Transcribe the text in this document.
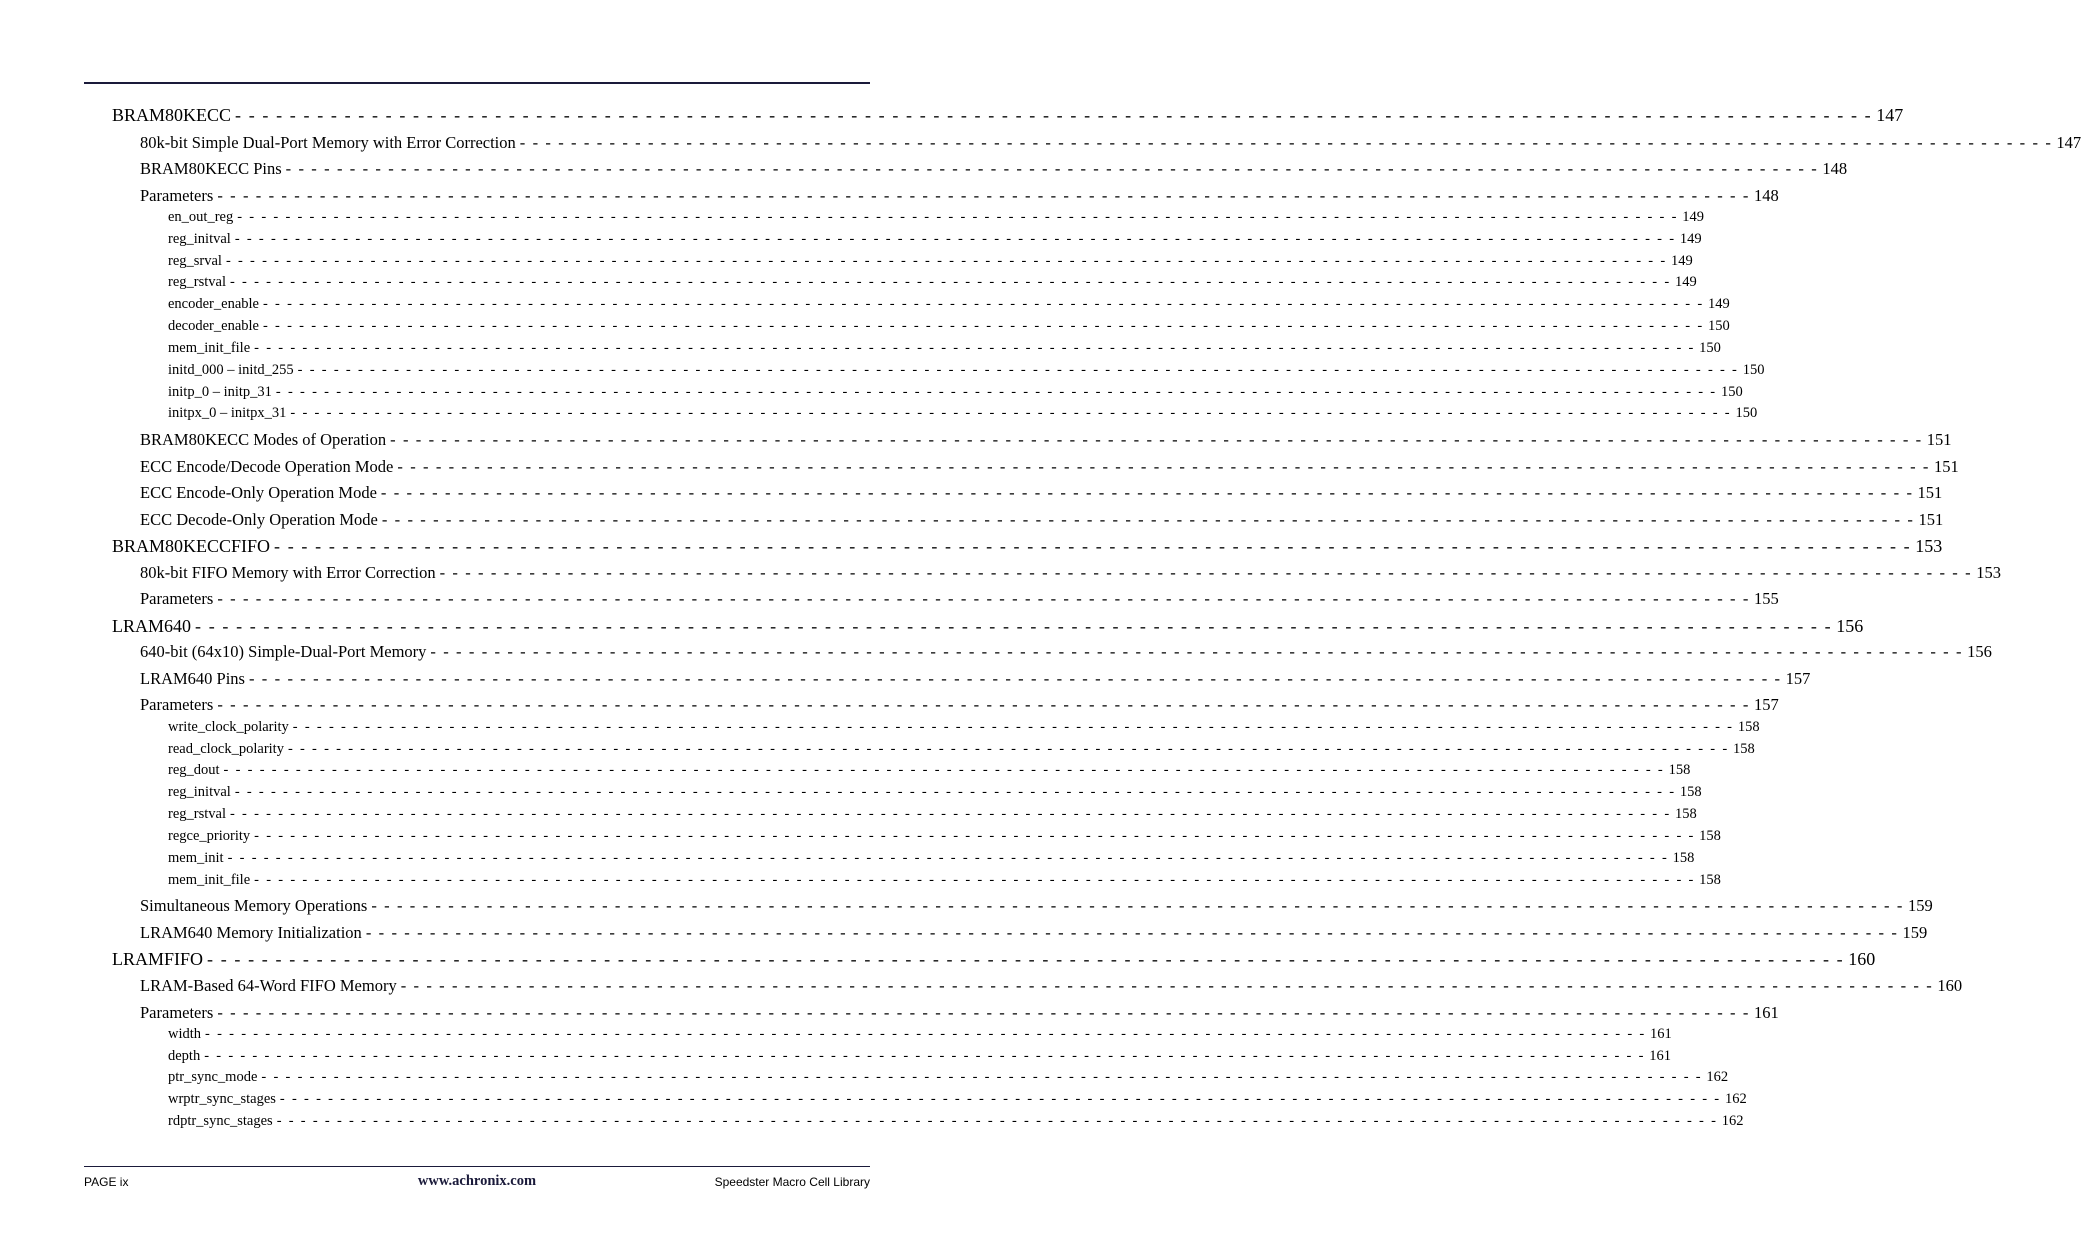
BRAM80KECC - - - - - - - - - - - - - - - - - - - - - - - - - - - - - - - - - - - - - - - - - - - - - - - - - - - - - - - - - - - - - - - - - - - - - - - - - - - - - - - - - - - - - - - - - - - - - - - - - - - - - - - - - - - - - - - - - - - - - - - - 147
80k-bit Simple Dual-Port Memory with Error Correction - - - - - - - - - - - - - - - - - - - - - - - - - - - - - - - - - - - - - - - - - - - - - - - - - - - - - - - - - - - - - - - - - - - - - - - - - - - - - - - - - - - - - - - - - - - - - - - - - - - - - - - - - - - - - - - - - - - - - - - - 147
BRAM80KECC Pins - - - - - - - - - - - - - - - - - - - - - - - - - - - - - - - - - - - - - - - - - - - - - - - - - - - - - - - - - - - - - - - - - - - - - - - - - - - - - - - - - - - - - - - - - - - - - - - - - - - - - - - - - - - - - - - - - - - - - - - - 148
Parameters - - - - - - - - - - - - - - - - - - - - - - - - - - - - - - - - - - - - - - - - - - - - - - - - - - - - - - - - - - - - - - - - - - - - - - - - - - - - - - - - - - - - - - - - - - - - - - - - - - - - - - - - - - - - - - - - - - - - - - - - 148
en_out_reg - - - - - - - - - - - - - - - - - - - - - - - - - - - - - - - - - - - - - - - - - - - - - - - - - - - - - - - - - - - - - - - - - - - - - - - - - - - - - - - - - - - - - - - - - - - - - - - - - - - - - - - - - - - - - - - - - - - - - - - - 149
reg_initval - - - - - - - - - - - - - - - - - - - - - - - - - - - - - - - - - - - - - - - - - - - - - - - - - - - - - - - - - - - - - - - - - - - - - - - - - - - - - - - - - - - - - - - - - - - - - - - - - - - - - - - - - - - - - - - - - - - - - - - - 149
reg_srval - - - - - - - - - - - - - - - - - - - - - - - - - - - - - - - - - - - - - - - - - - - - - - - - - - - - - - - - - - - - - - - - - - - - - - - - - - - - - - - - - - - - - - - - - - - - - - - - - - - - - - - - - - - - - - - - - - - - - - - - 149
reg_rstval - - - - - - - - - - - - - - - - - - - - - - - - - - - - - - - - - - - - - - - - - - - - - - - - - - - - - - - - - - - - - - - - - - - - - - - - - - - - - - - - - - - - - - - - - - - - - - - - - - - - - - - - - - - - - - - - - - - - - - - - 149
encoder_enable - - - - - - - - - - - - - - - - - - - - - - - - - - - - - - - - - - - - - - - - - - - - - - - - - - - - - - - - - - - - - - - - - - - - - - - - - - - - - - - - - - - - - - - - - - - - - - - - - - - - - - - - - - - - - - - - - - - - - - - - 149
decoder_enable - - - - - - - - - - - - - - - - - - - - - - - - - - - - - - - - - - - - - - - - - - - - - - - - - - - - - - - - - - - - - - - - - - - - - - - - - - - - - - - - - - - - - - - - - - - - - - - - - - - - - - - - - - - - - - - - - - - - - - - - 150
mem_init_file - - - - - - - - - - - - - - - - - - - - - - - - - - - - - - - - - - - - - - - - - - - - - - - - - - - - - - - - - - - - - - - - - - - - - - - - - - - - - - - - - - - - - - - - - - - - - - - - - - - - - - - - - - - - - - - - - - - - - - - - 150
initd_000 – initd_255 - - - - - - - - - - - - - - - - - - - - - - - - - - - - - - - - - - - - - - - - - - - - - - - - - - - - - - - - - - - - - - - - - - - - - - - - - - - - - - - - - - - - - - - - - - - - - - - - - - - - - - - - - - - - - - - - - - - - - - - - 150
initp_0 – initp_31 - - - - - - - - - - - - - - - - - - - - - - - - - - - - - - - - - - - - - - - - - - - - - - - - - - - - - - - - - - - - - - - - - - - - - - - - - - - - - - - - - - - - - - - - - - - - - - - - - - - - - - - - - - - - - - - - - - - - - - - - 150
initpx_0 – initpx_31 - - - - - - - - - - - - - - - - - - - - - - - - - - - - - - - - - - - - - - - - - - - - - - - - - - - - - - - - - - - - - - - - - - - - - - - - - - - - - - - - - - - - - - - - - - - - - - - - - - - - - - - - - - - - - - - - - - - - - - - - 150
BRAM80KECC Modes of Operation - - - - - - - - - - - - - - - - - - - - - - - - - - - - - - - - - - - - - - - - - - - - - - - - - - - - - - - - - - - - - - - - - - - - - - - - - - - - - - - - - - - - - - - - - - - - - - - - - - - - - - - - - - - - - - - - - - - - - - - - 151
ECC Encode/Decode Operation Mode - - - - - - - - - - - - - - - - - - - - - - - - - - - - - - - - - - - - - - - - - - - - - - - - - - - - - - - - - - - - - - - - - - - - - - - - - - - - - - - - - - - - - - - - - - - - - - - - - - - - - - - - - - - - - - - - - - - - - - - - 151
ECC Encode-Only Operation Mode - - - - - - - - - - - - - - - - - - - - - - - - - - - - - - - - - - - - - - - - - - - - - - - - - - - - - - - - - - - - - - - - - - - - - - - - - - - - - - - - - - - - - - - - - - - - - - - - - - - - - - - - - - - - - - - - - - - - - - - - 151
ECC Decode-Only Operation Mode - - - - - - - - - - - - - - - - - - - - - - - - - - - - - - - - - - - - - - - - - - - - - - - - - - - - - - - - - - - - - - - - - - - - - - - - - - - - - - - - - - - - - - - - - - - - - - - - - - - - - - - - - - - - - - - - - - - - - - - - 151
BRAM80KECCFIFO - - - - - - - - - - - - - - - - - - - - - - - - - - - - - - - - - - - - - - - - - - - - - - - - - - - - - - - - - - - - - - - - - - - - - - - - - - - - - - - - - - - - - - - - - - - - - - - - - - - - - - - - - - - - - - - - - - - - - - - - 153
80k-bit FIFO Memory with Error Correction - - - - - - - - - - - - - - - - - - - - - - - - - - - - - - - - - - - - - - - - - - - - - - - - - - - - - - - - - - - - - - - - - - - - - - - - - - - - - - - - - - - - - - - - - - - - - - - - - - - - - - - - - - - - - - - - - - - - - - - - 153
Parameters - - - - - - - - - - - - - - - - - - - - - - - - - - - - - - - - - - - - - - - - - - - - - - - - - - - - - - - - - - - - - - - - - - - - - - - - - - - - - - - - - - - - - - - - - - - - - - - - - - - - - - - - - - - - - - - - - - - - - - - - 155
LRAM640 - - - - - - - - - - - - - - - - - - - - - - - - - - - - - - - - - - - - - - - - - - - - - - - - - - - - - - - - - - - - - - - - - - - - - - - - - - - - - - - - - - - - - - - - - - - - - - - - - - - - - - - - - - - - - - - - - - - - - - - - 156
640-bit (64x10) Simple-Dual-Port Memory - - - - - - - - - - - - - - - - - - - - - - - - - - - - - - - - - - - - - - - - - - - - - - - - - - - - - - - - - - - - - - - - - - - - - - - - - - - - - - - - - - - - - - - - - - - - - - - - - - - - - - - - - - - - - - - - - - - - - - - - 156
LRAM640 Pins - - - - - - - - - - - - - - - - - - - - - - - - - - - - - - - - - - - - - - - - - - - - - - - - - - - - - - - - - - - - - - - - - - - - - - - - - - - - - - - - - - - - - - - - - - - - - - - - - - - - - - - - - - - - - - - - - - - - - - - - 157
Parameters - - - - - - - - - - - - - - - - - - - - - - - - - - - - - - - - - - - - - - - - - - - - - - - - - - - - - - - - - - - - - - - - - - - - - - - - - - - - - - - - - - - - - - - - - - - - - - - - - - - - - - - - - - - - - - - - - - - - - - - - 157
write_clock_polarity - - - - - - - - - - - - - - - - - - - - - - - - - - - - - - - - - - - - - - - - - - - - - - - - - - - - - - - - - - - - - - - - - - - - - - - - - - - - - - - - - - - - - - - - - - - - - - - - - - - - - - - - - - - - - - - - - - - - - - - - 158
read_clock_polarity - - - - - - - - - - - - - - - - - - - - - - - - - - - - - - - - - - - - - - - - - - - - - - - - - - - - - - - - - - - - - - - - - - - - - - - - - - - - - - - - - - - - - - - - - - - - - - - - - - - - - - - - - - - - - - - - - - - - - - - - 158
reg_dout - - - - - - - - - - - - - - - - - - - - - - - - - - - - - - - - - - - - - - - - - - - - - - - - - - - - - - - - - - - - - - - - - - - - - - - - - - - - - - - - - - - - - - - - - - - - - - - - - - - - - - - - - - - - - - - - - - - - - - - - 158
reg_initval - - - - - - - - - - - - - - - - - - - - - - - - - - - - - - - - - - - - - - - - - - - - - - - - - - - - - - - - - - - - - - - - - - - - - - - - - - - - - - - - - - - - - - - - - - - - - - - - - - - - - - - - - - - - - - - - - - - - - - - - 158
reg_rstval - - - - - - - - - - - - - - - - - - - - - - - - - - - - - - - - - - - - - - - - - - - - - - - - - - - - - - - - - - - - - - - - - - - - - - - - - - - - - - - - - - - - - - - - - - - - - - - - - - - - - - - - - - - - - - - - - - - - - - - - 158
regce_priority - - - - - - - - - - - - - - - - - - - - - - - - - - - - - - - - - - - - - - - - - - - - - - - - - - - - - - - - - - - - - - - - - - - - - - - - - - - - - - - - - - - - - - - - - - - - - - - - - - - - - - - - - - - - - - - - - - - - - - - - 158
mem_init - - - - - - - - - - - - - - - - - - - - - - - - - - - - - - - - - - - - - - - - - - - - - - - - - - - - - - - - - - - - - - - - - - - - - - - - - - - - - - - - - - - - - - - - - - - - - - - - - - - - - - - - - - - - - - - - - - - - - - - - 158
mem_init_file - - - - - - - - - - - - - - - - - - - - - - - - - - - - - - - - - - - - - - - - - - - - - - - - - - - - - - - - - - - - - - - - - - - - - - - - - - - - - - - - - - - - - - - - - - - - - - - - - - - - - - - - - - - - - - - - - - - - - - - - 158
Simultaneous Memory Operations - - - - - - - - - - - - - - - - - - - - - - - - - - - - - - - - - - - - - - - - - - - - - - - - - - - - - - - - - - - - - - - - - - - - - - - - - - - - - - - - - - - - - - - - - - - - - - - - - - - - - - - - - - - - - - - - - - - - - - - - 159
LRAM640 Memory Initialization - - - - - - - - - - - - - - - - - - - - - - - - - - - - - - - - - - - - - - - - - - - - - - - - - - - - - - - - - - - - - - - - - - - - - - - - - - - - - - - - - - - - - - - - - - - - - - - - - - - - - - - - - - - - - - - - - - - - - - - - 159
LRAMFIFO - - - - - - - - - - - - - - - - - - - - - - - - - - - - - - - - - - - - - - - - - - - - - - - - - - - - - - - - - - - - - - - - - - - - - - - - - - - - - - - - - - - - - - - - - - - - - - - - - - - - - - - - - - - - - - - - - - - - - - - - 160
LRAM-Based 64-Word FIFO Memory - - - - - - - - - - - - - - - - - - - - - - - - - - - - - - - - - - - - - - - - - - - - - - - - - - - - - - - - - - - - - - - - - - - - - - - - - - - - - - - - - - - - - - - - - - - - - - - - - - - - - - - - - - - - - - - - - - - - - - - - 160
Parameters - - - - - - - - - - - - - - - - - - - - - - - - - - - - - - - - - - - - - - - - - - - - - - - - - - - - - - - - - - - - - - - - - - - - - - - - - - - - - - - - - - - - - - - - - - - - - - - - - - - - - - - - - - - - - - - - - - - - - - - - 161
width - - - - - - - - - - - - - - - - - - - - - - - - - - - - - - - - - - - - - - - - - - - - - - - - - - - - - - - - - - - - - - - - - - - - - - - - - - - - - - - - - - - - - - - - - - - - - - - - - - - - - - - - - - - - - - - - - - - - - - - - 161
depth - - - - - - - - - - - - - - - - - - - - - - - - - - - - - - - - - - - - - - - - - - - - - - - - - - - - - - - - - - - - - - - - - - - - - - - - - - - - - - - - - - - - - - - - - - - - - - - - - - - - - - - - - - - - - - - - - - - - - - - - 161
ptr_sync_mode - - - - - - - - - - - - - - - - - - - - - - - - - - - - - - - - - - - - - - - - - - - - - - - - - - - - - - - - - - - - - - - - - - - - - - - - - - - - - - - - - - - - - - - - - - - - - - - - - - - - - - - - - - - - - - - - - - - - - - - - 162
wrptr_sync_stages - - - - - - - - - - - - - - - - - - - - - - - - - - - - - - - - - - - - - - - - - - - - - - - - - - - - - - - - - - - - - - - - - - - - - - - - - - - - - - - - - - - - - - - - - - - - - - - - - - - - - - - - - - - - - - - - - - - - - - - - 162
rdptr_sync_stages - - - - - - - - - - - - - - - - - - - - - - - - - - - - - - - - - - - - - - - - - - - - - - - - - - - - - - - - - - - - - - - - - - - - - - - - - - - - - - - - - - - - - - - - - - - - - - - - - - - - - - - - - - - - - - - - - - - - - - - - 162
PAGE ix	www.achronix.com	Speedster Macro Cell Library
